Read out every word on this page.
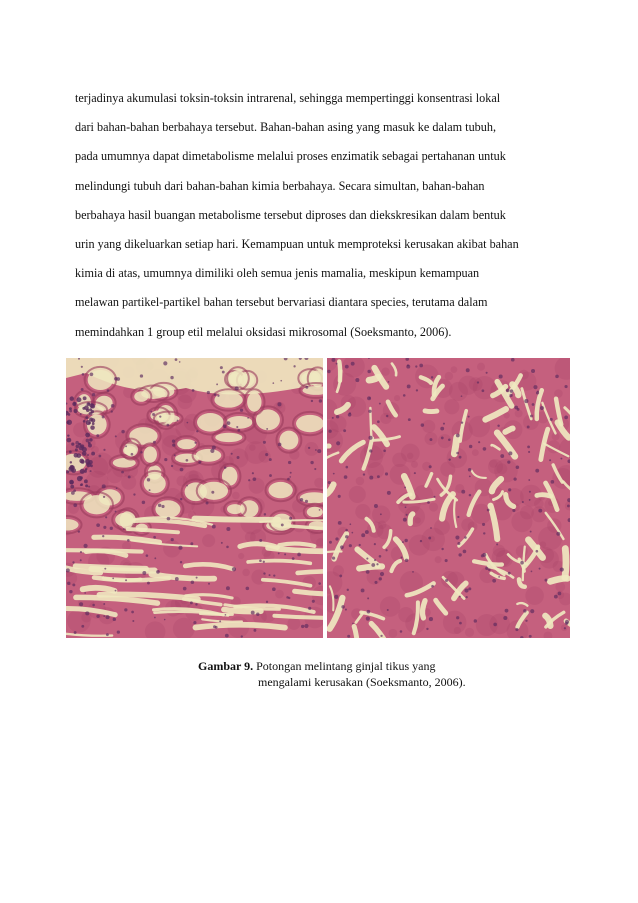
terjadinya akumulasi toksin-toksin intrarenal, sehingga mempertinggi konsentrasi lokal
dari bahan-bahan berbahaya tersebut. Bahan-bahan asing yang masuk ke dalam tubuh,
pada umumnya dapat dimetabolisme melalui proses enzimatik sebagai pertahanan untuk
melindungi tubuh dari bahan-bahan kimia berbahaya. Secara simultan, bahan-bahan
berbahaya hasil buangan metabolisme tersebut diproses dan diekskresikan dalam bentuk
urin yang dikeluarkan setiap hari. Kemampuan untuk memproteksi kerusakan akibat bahan
kimia di atas, umumnya dimiliki oleh semua jenis mamalia, meskipun kemampuan
melawan partikel-partikel bahan tersebut bervariasi diantara species, terutama dalam
memindahkan 1 group etil melalui oksidasi mikrosomal (Soeksmanto, 2006).
Gambar 9. Potongan melintang ginjal tikus yang
mengalami kerusakan (Soeksmanto, 2006).
